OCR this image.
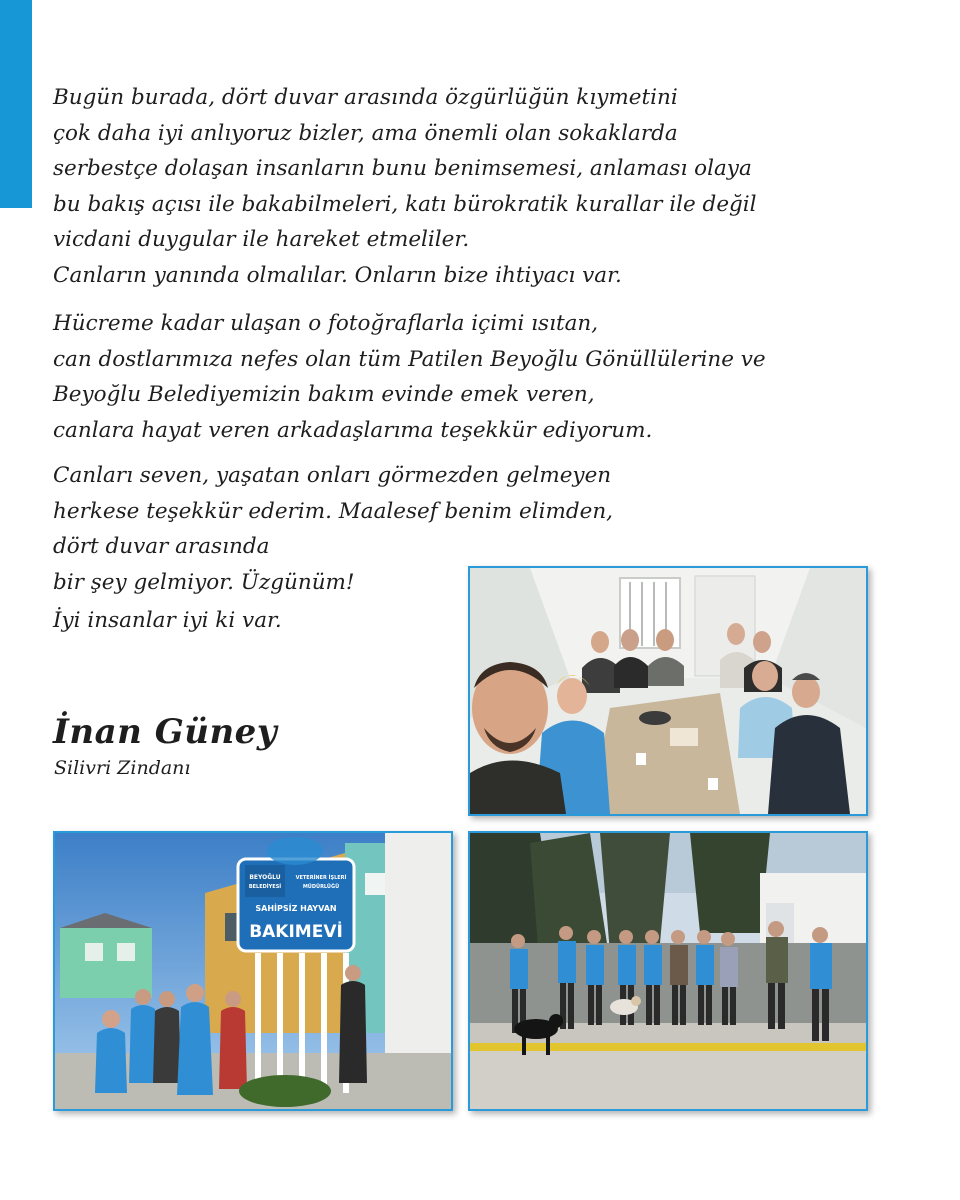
Bugün burada, dört duvar arasında özgürlüğün kıymetini
çok daha iyi anlıyoruz bizler, ama önemli olan sokaklarda
serbestçe dolaşan insanların bunu benimsemesi, anlaması olaya
bu bakış açısı ile bakabilmeleri, katı bürokratik kurallar ile değil
vicdani duygular ile hareket etmeliler.
Canların yanında olmalılar. Onların bize ihtiyacı var.

Hücreme kadar ulaşan o fotoğraflarla içimi ısıtan,
can dostlarımıza nefes olan tüm Patilen Beyoğlu Gönüllülerine ve
Beyoğlu Belediyemizin bakım evinde emek veren,
canlara hayat veren arkadaşlarıma teşekkür ediyorum.

Canları seven, yaşatan onları görmezden gelmeyen
herkese teşekkür ederim. Maalesef benim elimden,
dört duvar arasında
bir şey gelmiyor. Üzgünüm!
İyi insanlar iyi ki var.

İnan Güney
Silivri Zindanı
BEYOĞLU
BELEDİYESİ
VETERİNER İŞLERİ
MÜDÜRLÜĞÜ
SAHİPSİZ HAYVAN
BAKIMEVİ
